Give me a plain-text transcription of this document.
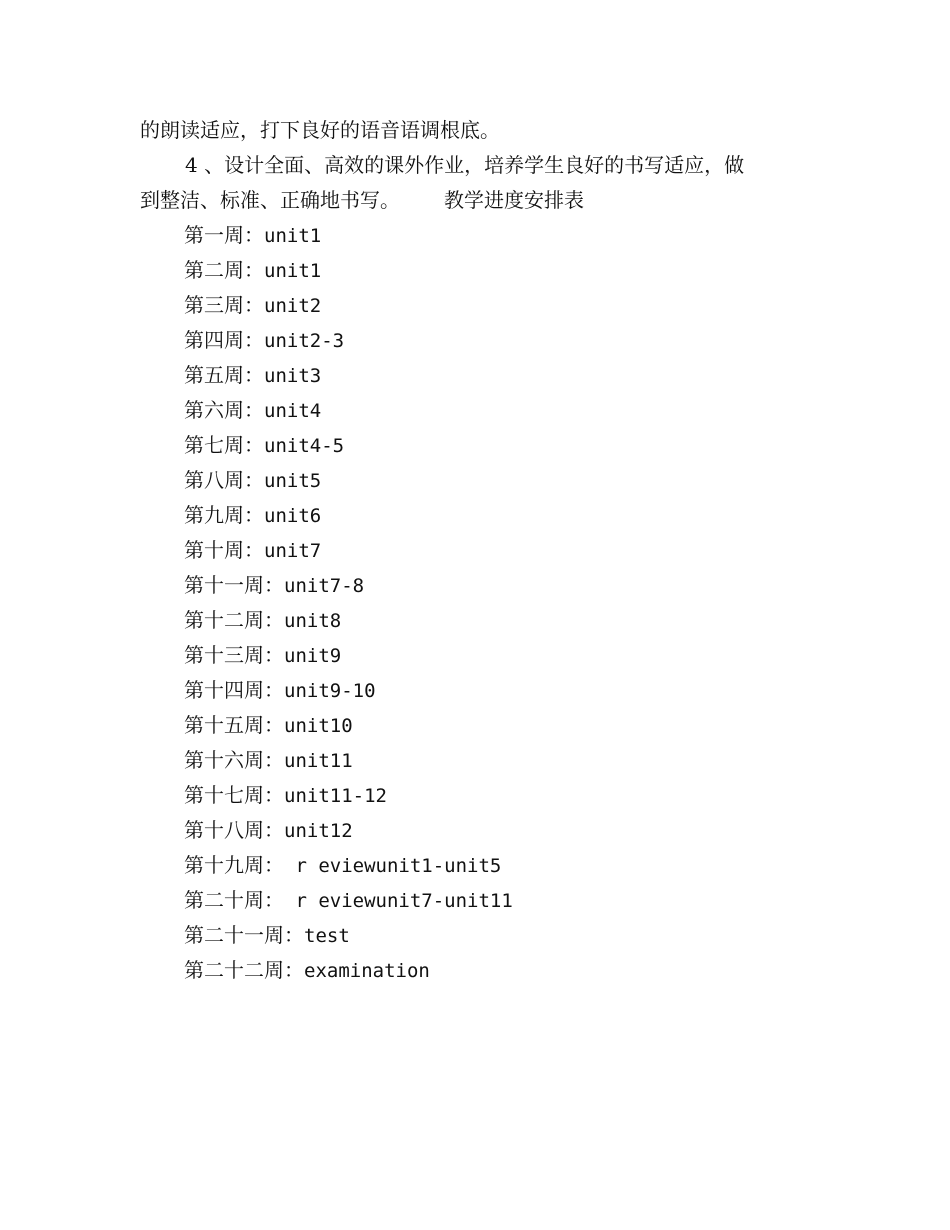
的朗读适应，打下良好的语音语调根底。
4 、设计全面、高效的课外作业，培养学生良好的书写适应，做
到整洁、标准、正确地书写。 教学进度安排表
第一周：unit1
第二周：unit1
第三周：unit2
第四周：unit2-3
第五周：unit3
第六周：unit4
第七周：unit4-5
第八周：unit5
第九周：unit6
第十周：unit7
第十一周：unit7-8
第十二周：unit8
第十三周：unit9
第十四周：unit9-10
第十五周：unit10
第十六周：unit11
第十七周：unit11-12
第十八周：unit12
第十九周： r eviewunit1-unit5
第二十周： r eviewunit7-unit11
第二十一周：test
第二十二周：examination
